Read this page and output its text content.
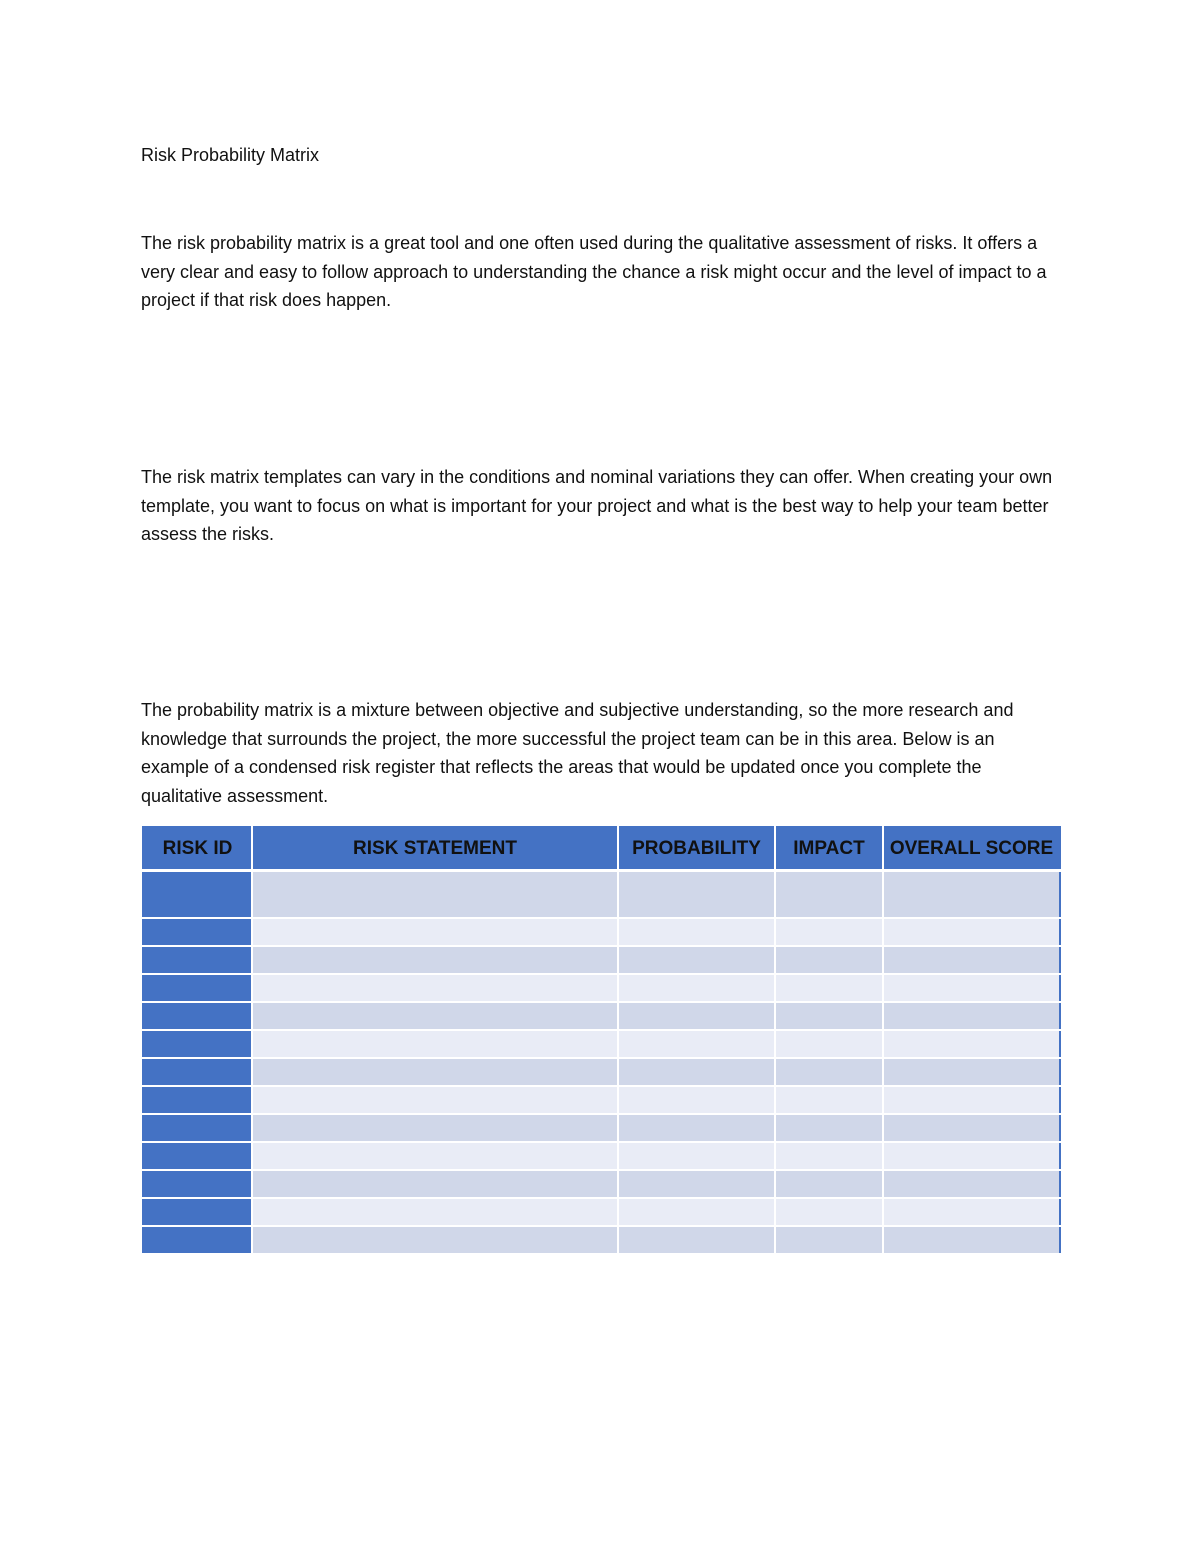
Risk Probability Matrix

The risk probability matrix is a great tool and one often used during the qualitative assessment of risks. It offers a very clear and easy to follow approach to understanding the chance a risk might occur and the level of impact to a project if that risk does happen.

The risk matrix templates can vary in the conditions and nominal variations they can offer. When creating your own template, you want to focus on what is important for your project and what is the best way to help your team better assess the risks.

The probability matrix is a mixture between objective and subjective understanding, so the more research and knowledge that surrounds the project, the more successful the project team can be in this area. Below is an example of a condensed risk register that reflects the areas that would be updated once you complete the qualitative assessment.

RISK ID	RISK STATEMENT	PROBABILITY	IMPACT	OVERALL SCORE
